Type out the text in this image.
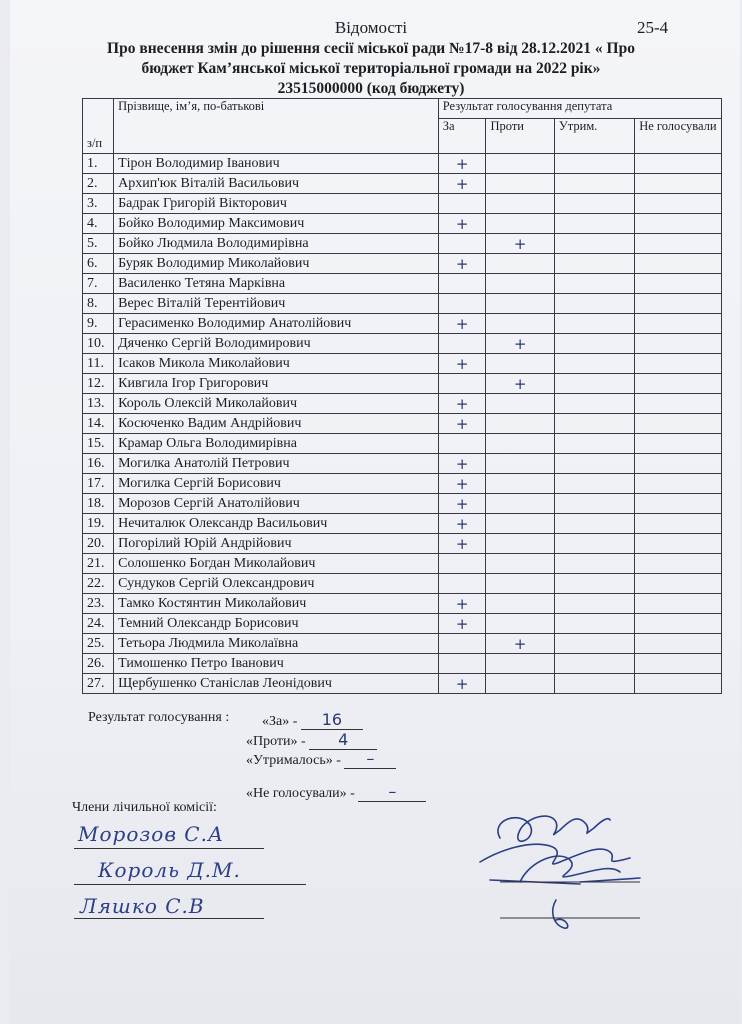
Відомості	25-4
Про внесення змін до рішення сесії міської ради №17-8 від 28.12.2021 « Про
бюджет Кам’янської міської територіальної громади на 2022 рік»
23515000000 (код бюджету)
з/п	Прізвище, ім’я, по-батькові	Результат голосування депутата			
		За	Проти	Утрим.	Не голосували
1.	Тірон Володимир Іванович	+			
2.	Архип'юк Віталій Васильович	+			
3.	Бадрак Григорій Вікторович				
4.	Бойко Володимир Максимович	+			
5.	Бойко Людмила Володимирівна		+		
6.	Буряк Володимир Миколайович	+			
7.	Василенко Тетяна Марківна				
8.	Верес Віталій Терентійович				
9.	Герасименко Володимир Анатолійович	+			
10.	Дяченко Сергій Володимирович		+		
11.	Ісаков Микола Миколайович	+			
12.	Кивгила Ігор Григорович		+		
13.	Король Олексій Миколайович	+			
14.	Косюченко Вадим Андрійович	+			
15.	Крамар Ольга Володимирівна				
16.	Могилка Анатолій Петрович	+			
17.	Могилка Сергій Борисович	+			
18.	Морозов Сергій Анатолійович	+			
19.	Нечиталюк Олександр Васильович	+			
20.	Погорілий Юрій Андрійович	+			
21.	Солошенко Богдан Миколайович				
22.	Сундуков Сергій Олександрович				
23.	Тамко Костянтин Миколайович	+			
24.	Темний Олександр Борисович	+			
25.	Тетьора Людмила Миколаївна		+		
26.	Тимошенко Петро Іванович				
27.	Щербушенко Станіслав Леонідович	+			
Результат голосування : «За» - 16
«Проти» - 4
«Утрималось» - –
«Не голосували» - –
Члени лічильної комісії:
Морозов С.А
Король Д.М.
Ляшко С.В
